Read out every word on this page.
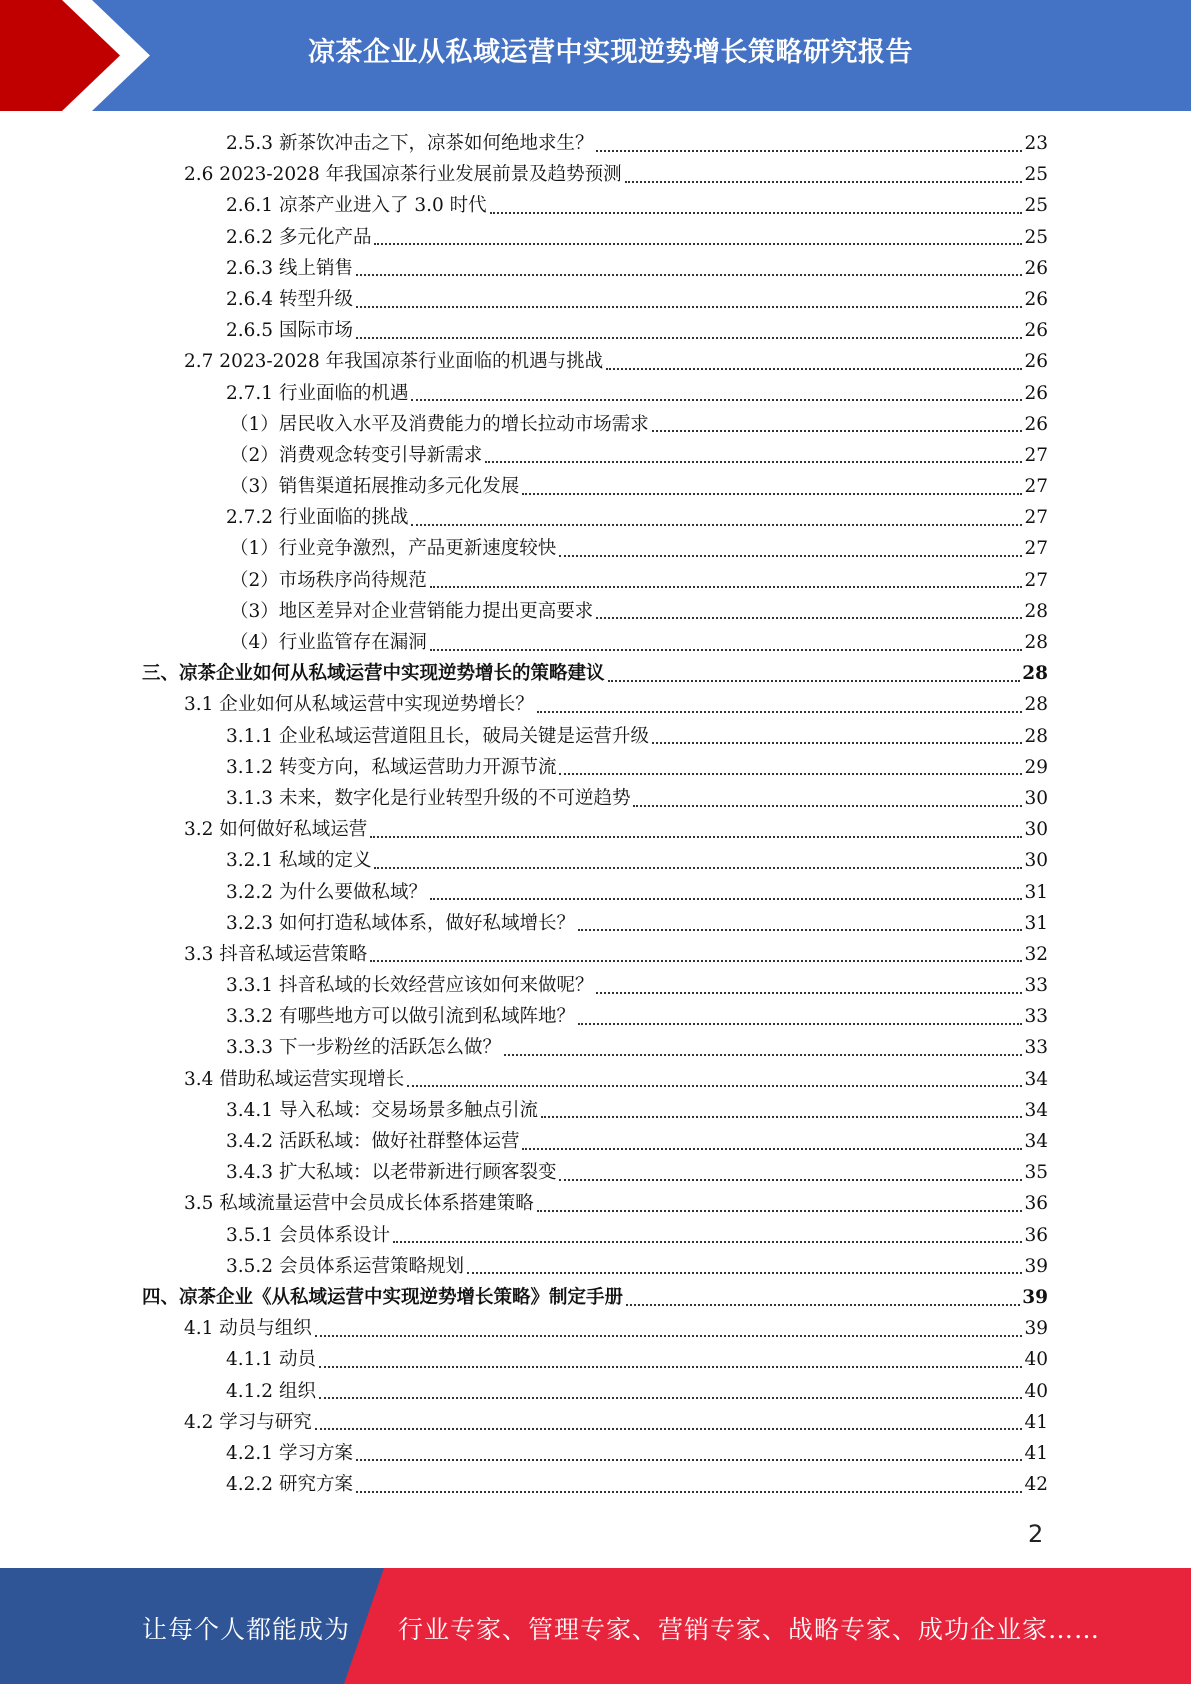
凉茶企业从私域运营中实现逆势增长策略研究报告
2.5.3 新茶饮冲击之下，凉茶如何绝地求生？	23
2.6 2023-2028 年我国凉茶行业发展前景及趋势预测	25
2.6.1 凉茶产业进入了 3.0 时代	25
2.6.2 多元化产品	25
2.6.3 线上销售	26
2.6.4 转型升级	26
2.6.5 国际市场	26
2.7 2023-2028 年我国凉茶行业面临的机遇与挑战	26
2.7.1 行业面临的机遇	26
（1）居民收入水平及消费能力的增长拉动市场需求	26
（2）消费观念转变引导新需求	27
（3）销售渠道拓展推动多元化发展	27
2.7.2 行业面临的挑战	27
（1）行业竞争激烈，产品更新速度较快	27
（2）市场秩序尚待规范	27
（3）地区差异对企业营销能力提出更高要求	28
（4）行业监管存在漏洞	28
三、凉茶企业如何从私域运营中实现逆势增长的策略建议	28
3.1 企业如何从私域运营中实现逆势增长？	28
3.1.1 企业私域运营道阻且长，破局关键是运营升级	28
3.1.2 转变方向，私域运营助力开源节流	29
3.1.3 未来，数字化是行业转型升级的不可逆趋势	30
3.2 如何做好私域运营	30
3.2.1 私域的定义	30
3.2.2 为什么要做私域？	31
3.2.3 如何打造私域体系，做好私域增长？	31
3.3 抖音私域运营策略	32
3.3.1 抖音私域的长效经营应该如何来做呢？	33
3.3.2 有哪些地方可以做引流到私域阵地？	33
3.3.3 下一步粉丝的活跃怎么做？	33
3.4 借助私域运营实现增长	34
3.4.1 导入私域：交易场景多触点引流	34
3.4.2 活跃私域：做好社群整体运营	34
3.4.3 扩大私域：以老带新进行顾客裂变	35
3.5 私域流量运营中会员成长体系搭建策略	36
3.5.1 会员体系设计	36
3.5.2 会员体系运营策略规划	39
四、凉茶企业《从私域运营中实现逆势增长策略》制定手册	39
4.1 动员与组织	39
4.1.1 动员	40
4.1.2 组织	40
4.2 学习与研究	41
4.2.1 学习方案	41
4.2.2 研究方案	42
2
让每个人都能成为 行业专家、管理专家、营销专家、战略专家、成功企业家……
